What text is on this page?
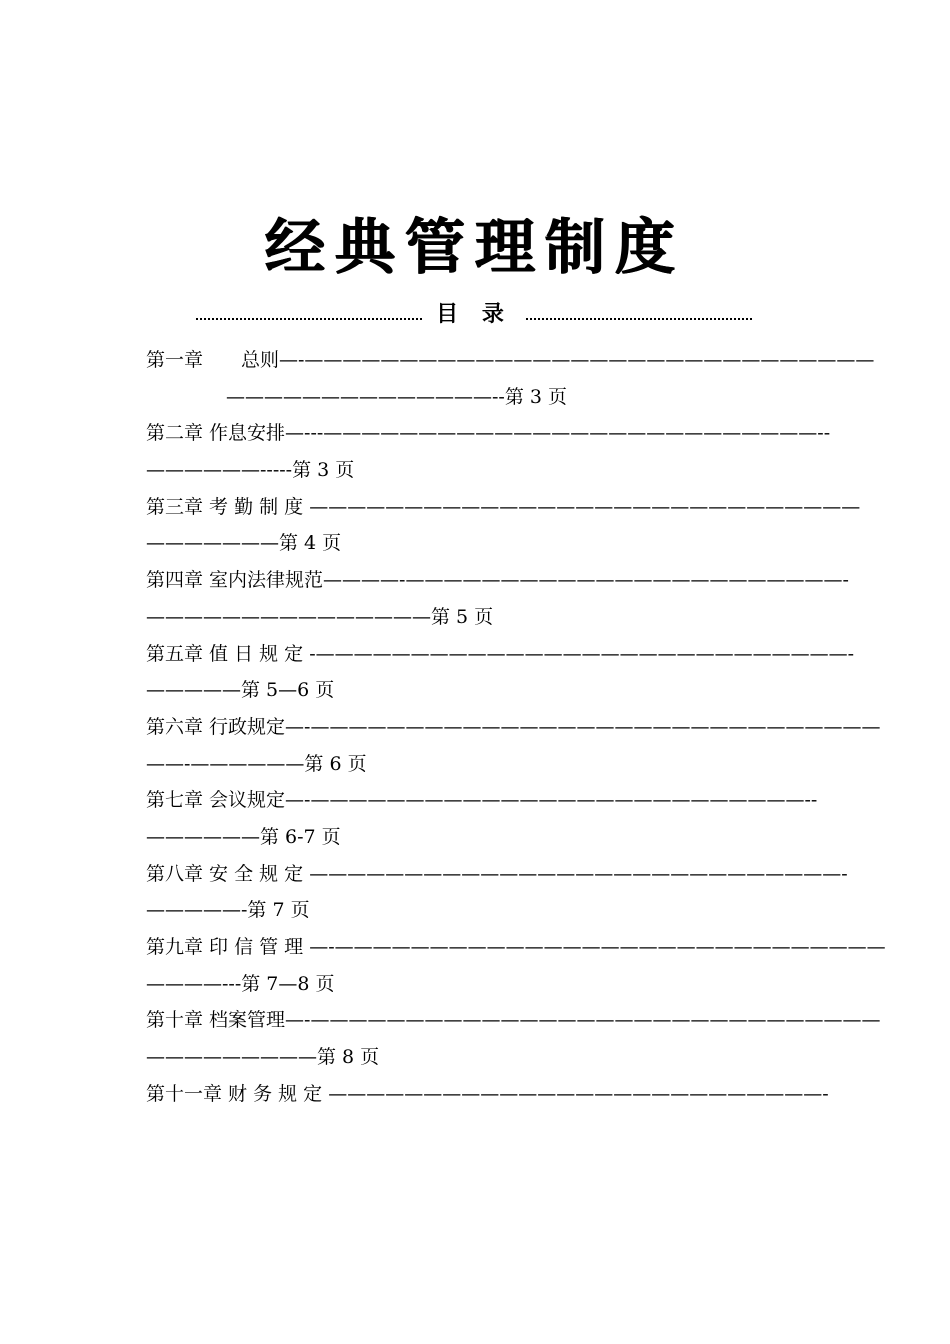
经典管理制度
目 录
第一章　　总则—-——————————————————————————————
——————————————--第 3 页
第二章 作息安排—---——————————————————————————--
——————-----第 3 页
第三章 考 勤 制 度 —————————————————————————————
———————第 4 页
第四章 室内法律规范————-———————————————————————-
———————————————第 5 页
第五章 值 日 规 定 -————————————————————————————-
—————第 5—6 页
第六章 行政规定—-——————————————————————————————
——-——————第 6 页
第七章 会议规定—-——————————————————————————--
——————第 6-7 页
第八章 安 全 规 定 ————————————————————————————-
—————-第 7 页
第九章 印 信 管 理 —-—————————————————————————————
————---第 7—8 页
第十章 档案管理—-——————————————————————————————
—————————第 8 页
第十一章 财 务 规 定 ——————————————————————————-
